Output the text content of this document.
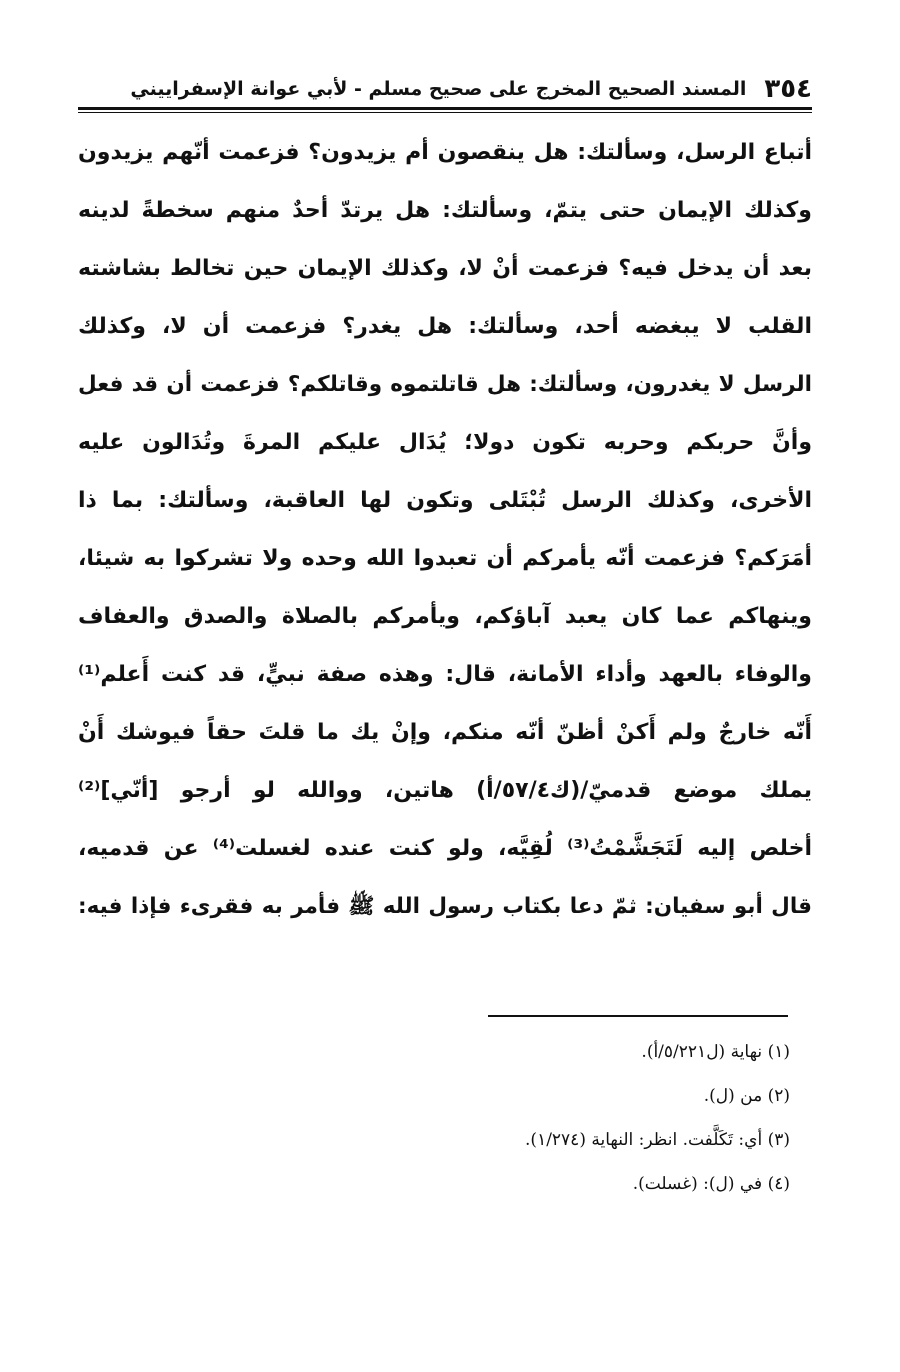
٣٥٤
المسند الصحيح المخرج على صحيح مسلم - لأبي عوانة الإسفراييني
أتباع الرسل، وسألتك: هل ينقصون أم يزيدون؟ فزعمت أنّهم يزيدون
وكذلك الإيمان حتى يتمّ، وسألتك: هل يرتدّ أحدٌ منهم سخطةً لدينه
بعد أن يدخل فيه؟ فزعمت أنْ لا، وكذلك الإيمان حين تخالط بشاشته
القلب لا يبغضه أحد، وسألتك: هل يغدر؟ فزعمت أن لا، وكذلك
الرسل لا يغدرون، وسألتك: هل قاتلتموه وقاتلكم؟ فزعمت أن قد فعل
وأنَّ حربكم وحربه تكون دولا؛ يُدَال عليكم المرةَ وتُدَالون عليه
الأخرى، وكذلك الرسل تُبْتَلى وتكون لها العاقبة، وسألتك: بما ذا
أمَرَكم؟ فزعمت أنّه يأمركم أن تعبدوا الله وحده ولا تشركوا به شيئا،
وينهاكم عما كان يعبد آباؤكم، ويأمركم بالصلاة والصدق والعفاف
والوفاء بالعهد وأداء الأمانة، قال: وهذه صفة نبيٍّ، قد كنت أَعلم⁽¹⁾
أَنّه خارجٌ ولم أَكنْ أظنّ أنّه منكم، وإنْ يك ما قلتَ حقاً فيوشك أَنْ
يملك موضع قدميّ/(ك٥٧/٤/أ) هاتين، ووالله لو أرجو [أنّي]⁽²⁾
أخلص إليه لَتَجَشَّمْتُ⁽³⁾ لُقِيَّه، ولو كنت عنده لغسلت⁽⁴⁾ عن قدميه،
قال أبو سفيان: ثمّ دعا بكتاب رسول الله ﷺ فأمر به فقرىء فإذا فيه:
(١) نهاية (ل٥/٢٢١/أ).
(٢) من (ل).
(٣) أي: تَكَلَّفت. انظر: النهاية (١/٢٧٤).
(٤) في (ل): (غسلت).
